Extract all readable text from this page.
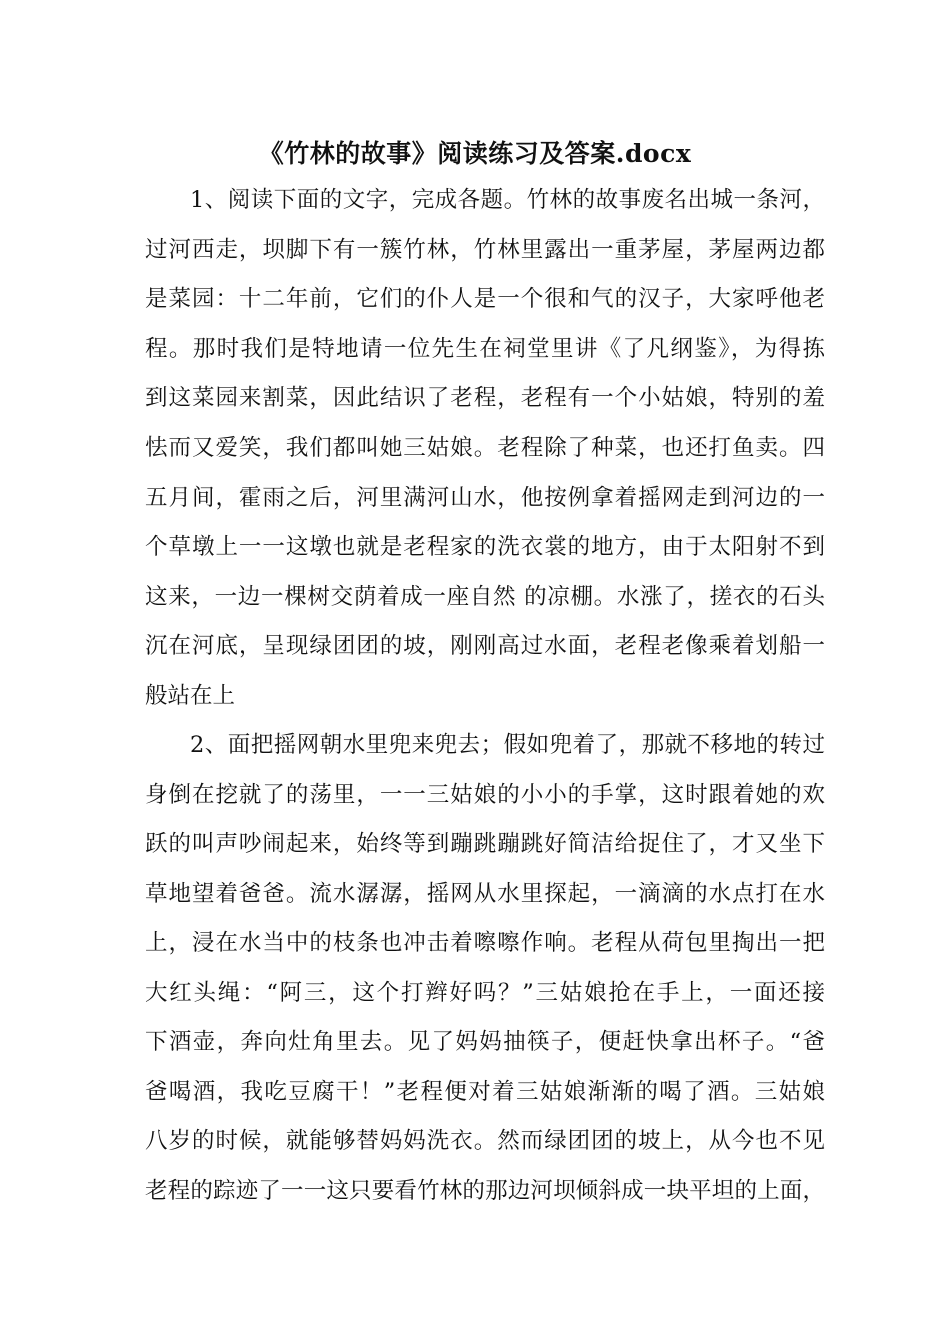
《竹林的故事》阅读练习及答案.docx
1、阅读下面的文字，完成各题。竹林的故事废名出城一条河，
过河西走，坝脚下有一簇竹林，竹林里露出一重茅屋，茅屋两边都
是菜园：十二年前，它们的仆人是一个很和气的汉子，大家呼他老
程。那时我们是特地请一位先生在祠堂里讲《了凡纲鉴》，为得拣
到这菜园来割菜，因此结识了老程，老程有一个小姑娘，特别的羞
怯而又爱笑，我们都叫她三姑娘。老程除了种菜，也还打鱼卖。四
五月间，霍雨之后，河里满河山水，他按例拿着摇网走到河边的一
个草墩上一一这墩也就是老程家的洗衣裳的地方，由于太阳射不到
这来，一边一棵树交荫着成一座自然 的凉棚。水涨了，搓衣的石头
沉在河底，呈现绿团团的坡，刚刚高过水面，老程老像乘着划船一
般站在上
2、面把摇网朝水里兜来兜去；假如兜着了，那就不移地的转过
身倒在挖就了的荡里，一一三姑娘的小小的手掌，这时跟着她的欢
跃的叫声吵闹起来，始终等到蹦跳蹦跳好简洁给捉住了，才又坐下
草地望着爸爸。流水潺潺，摇网从水里探起，一滴滴的水点打在水
上，浸在水当中的枝条也冲击着嚓嚓作响。老程从荷包里掏出一把
大红头绳：“阿三，这个打辫好吗？”三姑娘抢在手上，一面还接
下酒壶，奔向灶角里去。见了妈妈抽筷子，便赶快拿出杯子。“爸
爸喝酒，我吃豆腐干！”老程便对着三姑娘渐渐的喝了酒。三姑娘
八岁的时候，就能够替妈妈洗衣。然而绿团团的坡上，从今也不见
老程的踪迹了一一这只要看竹林的那边河坝倾斜成一块平坦的上面，
